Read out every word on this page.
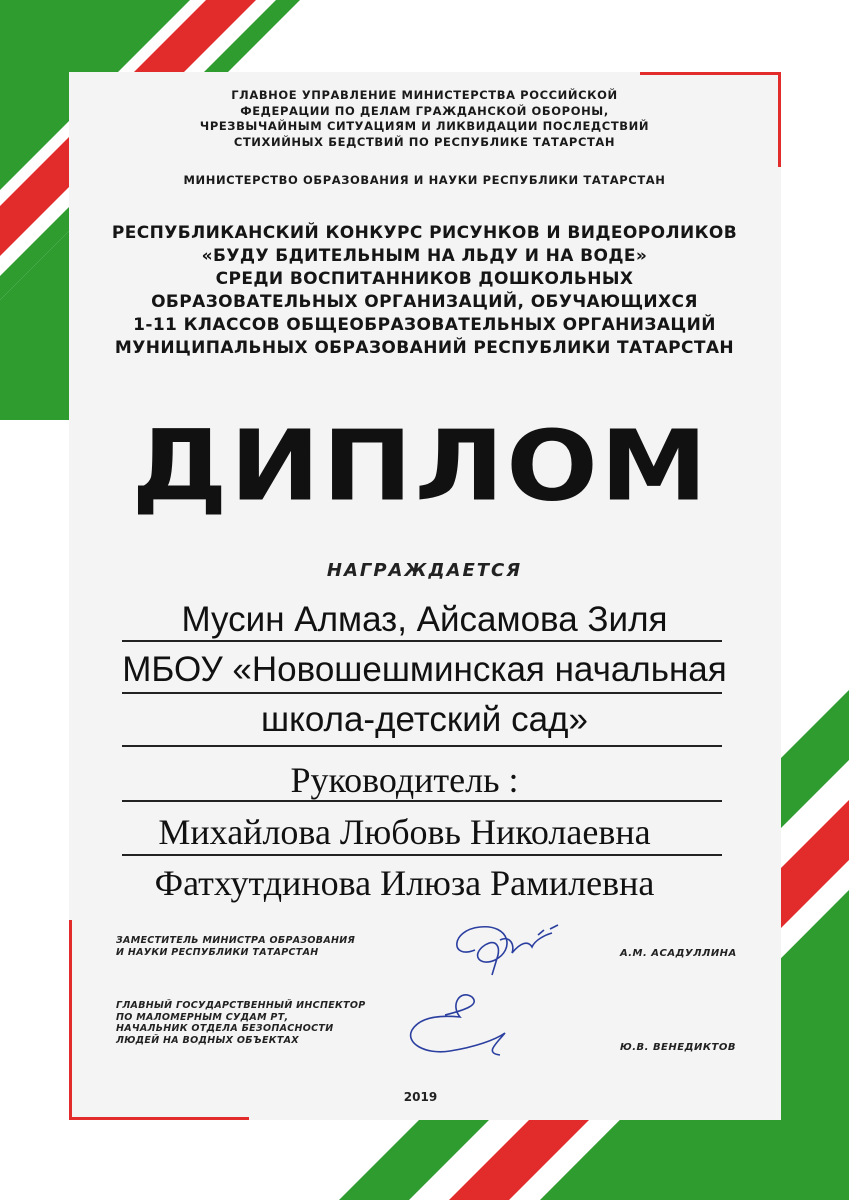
ГЛАВНОЕ УПРАВЛЕНИЕ МИНИСТЕРСТВА РОССИЙСКОЙ
ФЕДЕРАЦИИ ПО ДЕЛАМ ГРАЖДАНСКОЙ ОБОРОНЫ,
ЧРЕЗВЫЧАЙНЫМ СИТУАЦИЯМ И ЛИКВИДАЦИИ ПОСЛЕДСТВИЙ
СТИХИЙНЫХ БЕДСТВИЙ ПО РЕСПУБЛИКЕ ТАТАРСТАН
МИНИСТЕРСТВО ОБРАЗОВАНИЯ И НАУКИ РЕСПУБЛИКИ ТАТАРСТАН
РЕСПУБЛИКАНСКИЙ КОНКУРС РИСУНКОВ И ВИДЕОРОЛИКОВ
«БУДУ БДИТЕЛЬНЫМ НА ЛЬДУ И НА ВОДЕ»
СРЕДИ ВОСПИТАННИКОВ ДОШКОЛЬНЫХ
ОБРАЗОВАТЕЛЬНЫХ ОРГАНИЗАЦИЙ, ОБУЧАЮЩИХСЯ
1-11 КЛАССОВ ОБЩЕОБРАЗОВАТЕЛЬНЫХ ОРГАНИЗАЦИЙ
МУНИЦИПАЛЬНЫХ ОБРАЗОВАНИЙ РЕСПУБЛИКИ ТАТАРСТАН
ДИПЛОМ
НАГРАЖДАЕТСЯ
Мусин Алмаз, Айсамова Зиля
МБОУ «Новошешминская начальная
школа-детский сад»
Руководитель :
Михайлова Любовь Николаевна
Фатхутдинова Илюза Рамилевна
ЗАМЕСТИТЕЛЬ МИНИСТРА ОБРАЗОВАНИЯ
И НАУКИ РЕСПУБЛИКИ ТАТАРСТАН	А.М. АСАДУЛЛИНА
ГЛАВНЫЙ ГОСУДАРСТВЕННЫЙ ИНСПЕКТОР
ПО МАЛОМЕРНЫМ СУДАМ РТ,
НАЧАЛЬНИК ОТДЕЛА БЕЗОПАСНОСТИ
ЛЮДЕЙ НА ВОДНЫХ ОБЪЕКТАХ
Ю.В. ВЕНЕДИКТОВ
2019
